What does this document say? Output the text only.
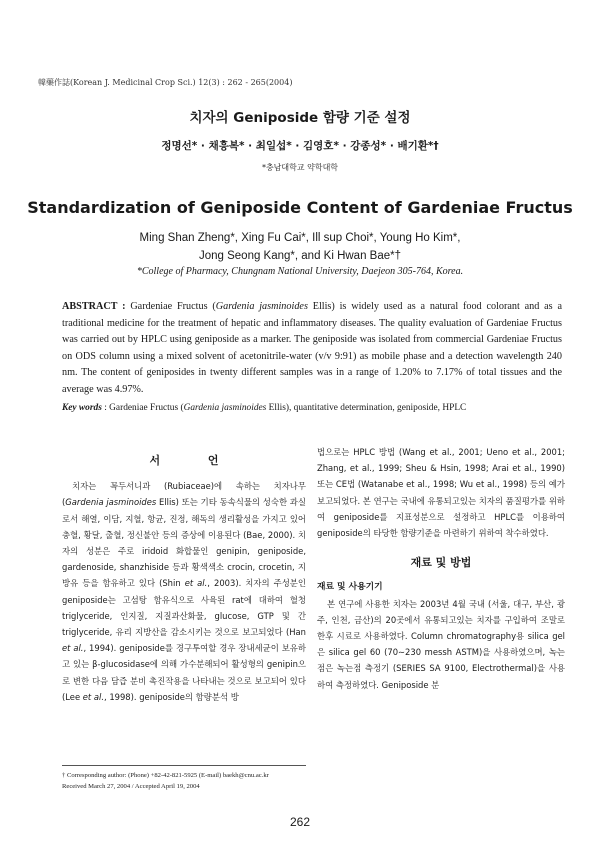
韓藥作誌(Korean J. Medicinal Crop Sci.) 12(3) : 262 - 265(2004)
치자의 Geniposide 함량 기준 설정
정명선* · 채흥복* · 최일섭* · 김영호* · 강종성* · 배기환*†
*충남대학교 약학대학
Standardization of Geniposide Content of Gardeniae Fructus
Ming Shan Zheng*, Xing Fu Cai*, Ill sup Choi*, Young Ho Kim*,
Jong Seong Kang*, and Ki Hwan Bae*†
*College of Pharmacy, Chungnam National University, Daejeon 305-764, Korea.
ABSTRACT : Gardeniae Fructus (Gardenia jasminoides Ellis) is widely used as a natural food colorant and as a traditional medicine for the treatment of hepatic and inflammatory diseases. The quality evaluation of Gardeniae Fructus was carried out by HPLC using geniposide as a marker. The geniposide was isolated from commercial Gardeniae Fructus on ODS column using a mixed solvent of acetonitrile-water (v/v 9:91) as mobile phase and a detection wavelength 240 nm. The content of geniposides in twenty different samples was in a range of 1.20% to 7.17% of total tissues and the average was 4.97%.
Key words : Gardeniae Fructus (Gardenia jasminoides Ellis), quantitative determination, geniposide, HPLC
서 언

치자는 꼭두서니과 (Rubiaceae)에 속하는 치자나무 (Gardenia jasminoides Ellis) 또는 기타 동속식물의 성숙한 과실로서 해열, 이담, 지혈, 항균, 진정, 해독의 생리활성을 가지고 있어 충혈, 황달, 출혈, 정신불안 등의 증상에 이용된다 (Bae, 2000). 치자의 성분은 주로 iridoid 화합물인 genipin, geniposide, gardenoside, shanzhiside 등과 황색색소 crocin, crocetin, 지방유 등을 함유하고 있다 (Shin et al., 2003). 치자의 주성분인 geniposide는 고섬탕 함유식으로 사육된 rat에 대하여 혈청 triglyceride, 인지질, 지질과산화물, glucose, GTP 및 간 triglyceride, 유리 지방산을 감소시키는 것으로 보고되었다 (Han et al., 1994). geniposide를 경구투여할 경우 장내세균이 보유하고 있는 β-glucosidase에 의해 가수분해되어 활성형의 genipin으로 변한 다음 담즙 분비 촉진작용을 나타내는 것으로 보고되어 있다 (Lee et al., 1998). geniposide의 함량분석 방

법으로는 HPLC 방법 (Wang et al., 2001; Ueno et al., 2001; Zhang, et al., 1999; Sheu & Hsin, 1998; Arai et al., 1990) 또는 CE법 (Watanabe et al., 1998; Wu et al., 1998) 등의 예가 보고되었다. 본 연구는 국내에 유통되고있는 치자의 품질평가를 위하여 geniposide를 지표성분으로 설정하고 HPLC를 이용하여 geniposide의 타당한 함량기준을 마련하기 위하여 착수하였다.

재료 및 방법
재료 및 사용기기

본 연구에 사용한 치자는 2003년 4월 국내 (서울, 대구, 부산, 광주, 인천, 금산)의 20곳에서 유통되고있는 치자를 구입하여 조말로 한후 시료로 사용하였다. Column chromatography용 silica gel은 silica gel 60 (70∼230 messh ASTM)을 사용하였으며, 녹는점은 녹는점 측정기 (SERIES SA 9100, Electrothermal)을 사용하여 측정하였다. Geniposide 분

† Corresponding author: (Phone) +82-42-821-5925 (E-mail) baekh@cnu.ac.kr
Received March 27, 2004 / Accepted April 19, 2004
262
